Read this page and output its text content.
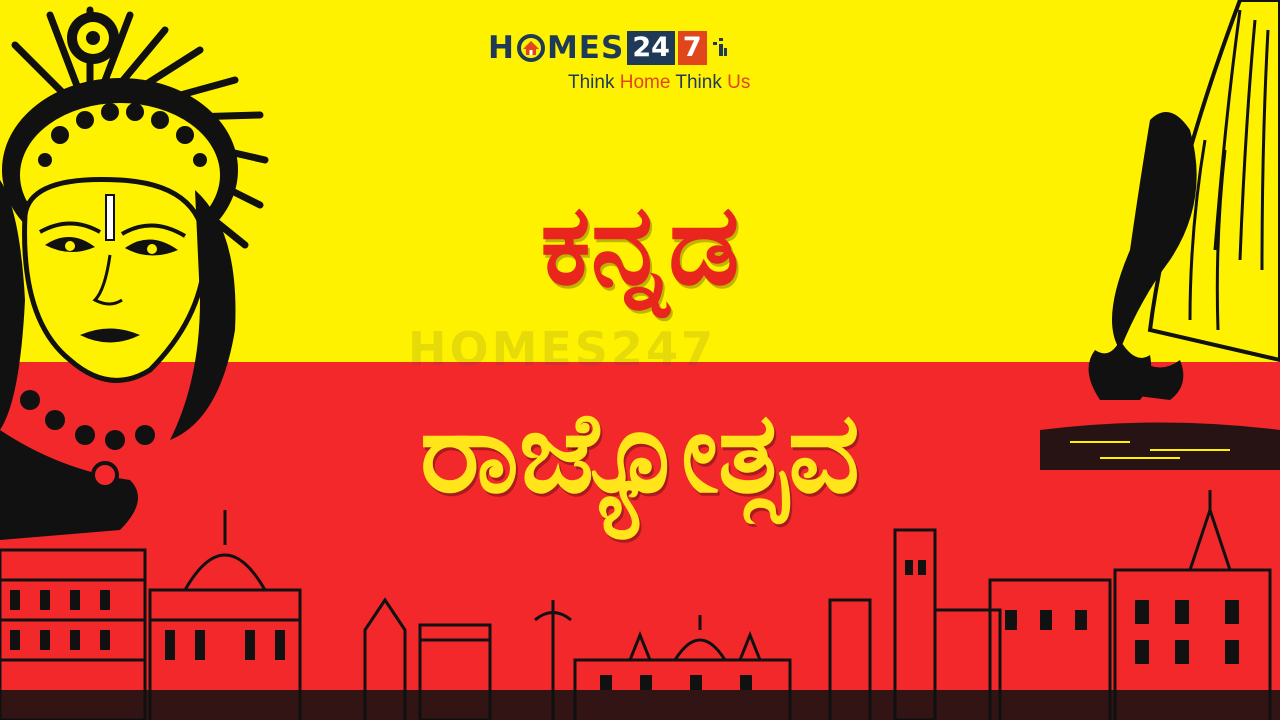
HOMES247
H MES 24 7
Think Home Think Us
ಕನ್ನಡ
ರಾಜ್ಯೋತ್ಸವ
